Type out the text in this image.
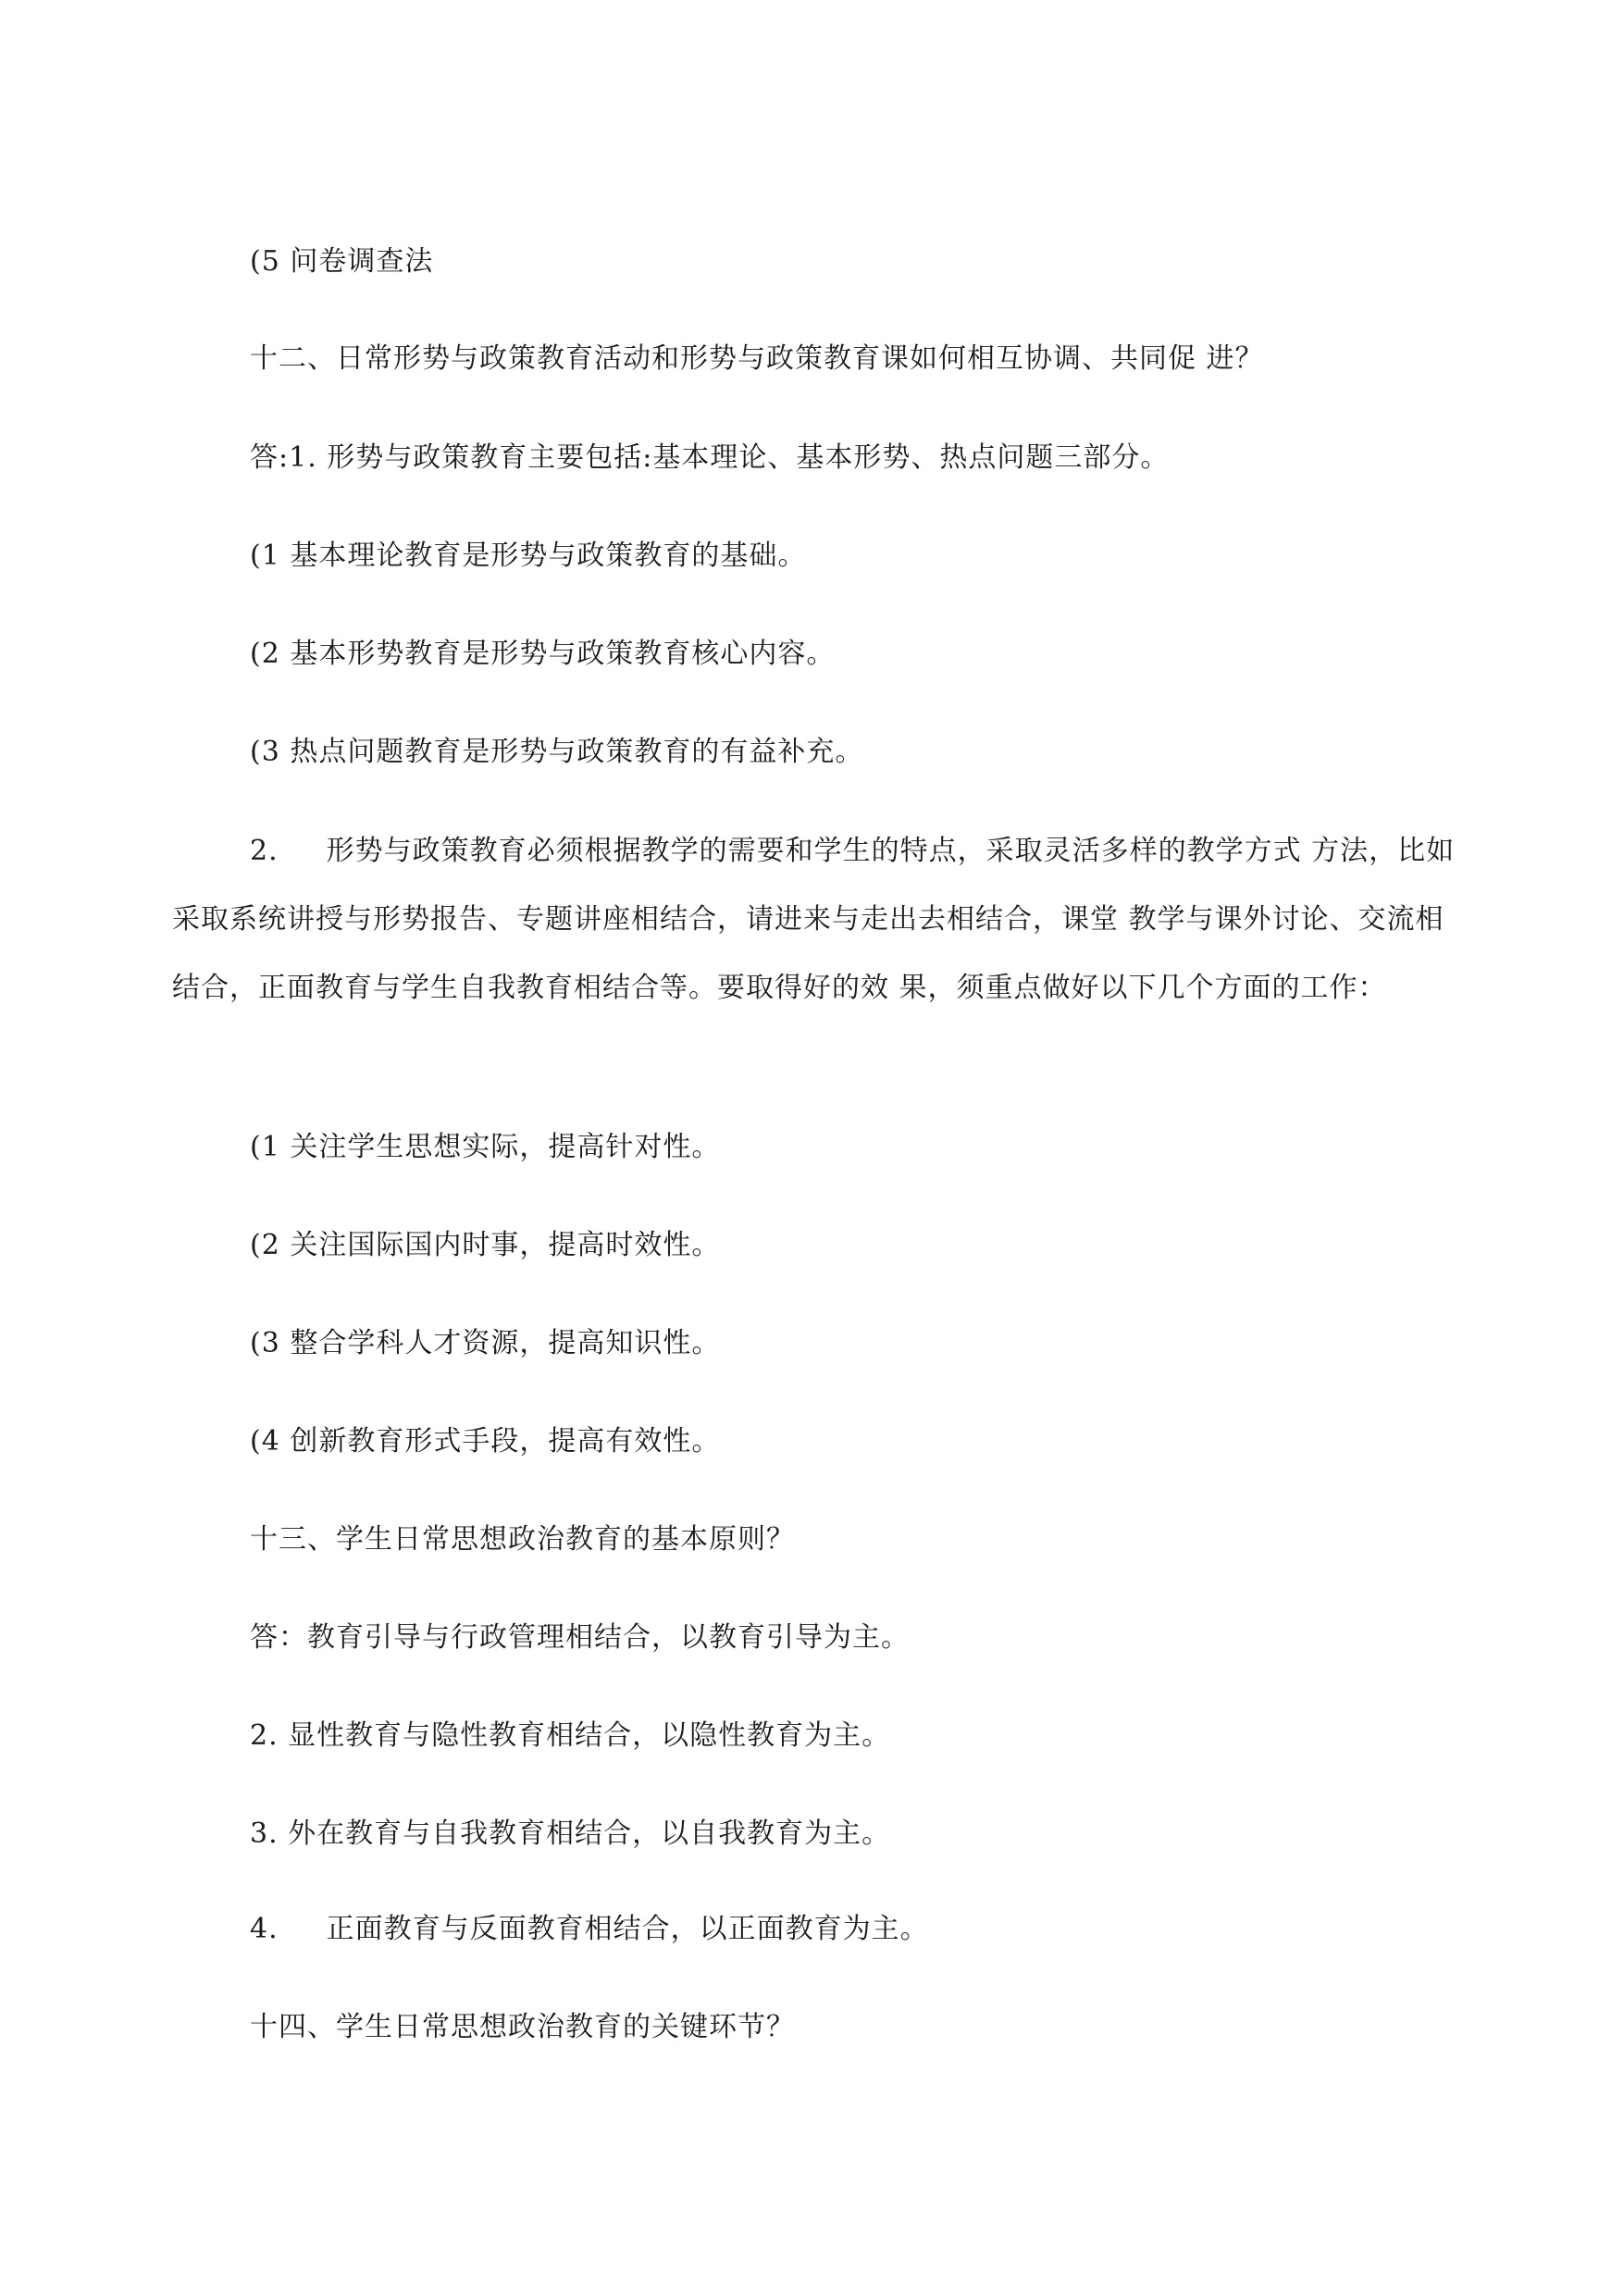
(5 问卷调查法
十二、日常形势与政策教育活动和形势与政策教育课如何相互协调、共同促 进？
答:1. 形势与政策教育主要包括:基本理论、基本形势、热点问题三部分。
(1 基本理论教育是形势与政策教育的基础。
(2 基本形势教育是形势与政策教育核心内容。
(3 热点问题教育是形势与政策教育的有益补充。
2. 形势与政策教育必须根据教学的需要和学生的特点，采取灵活多样的教学方式 方法，比如采取系统讲授与形势报告、专题讲座相结合，请进来与走出去相结合，课堂 教学与课外讨论、交流相结合，正面教育与学生自我教育相结合等。要取得好的效 果，须重点做好以下几个方面的工作：
(1 关注学生思想实际，提高针对性。
(2 关注国际国内时事，提高时效性。
(3 整合学科人才资源，提高知识性。
(4 创新教育形式手段，提高有效性。
十三、学生日常思想政治教育的基本原则？
答：教育引导与行政管理相结合，以教育引导为主。
2. 显性教育与隐性教育相结合，以隐性教育为主。
3. 外在教育与自我教育相结合，以自我教育为主。
4. 正面教育与反面教育相结合，以正面教育为主。
十四、学生日常思想政治教育的关键环节？
